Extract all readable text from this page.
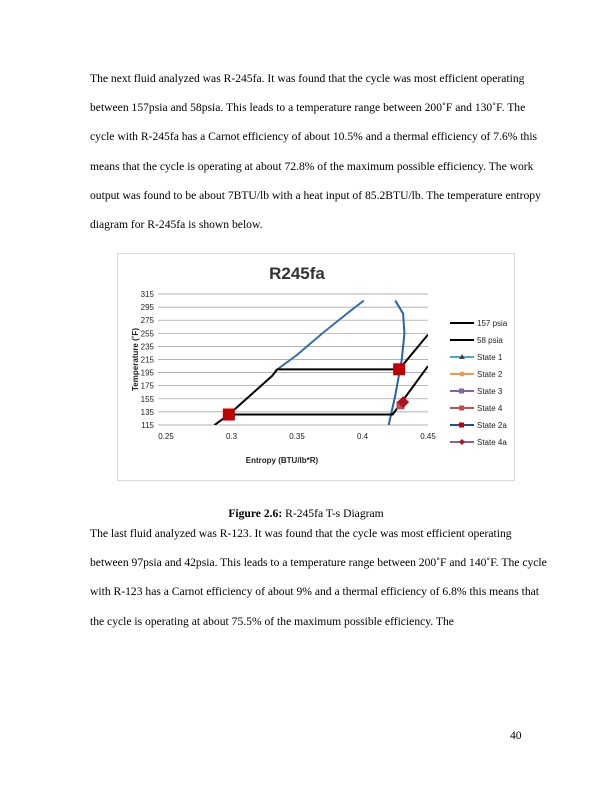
The next fluid analyzed was R-245fa. It was found that the cycle was most efficient operating between 157psia and 58psia. This leads to a temperature range between 200˚F and 130˚F. The cycle with R-245fa has a Carnot efficiency of about 10.5% and a thermal efficiency of 7.6% this means that the cycle is operating at about 72.8% of the maximum possible efficiency. The work output was found to be about 7BTU/lb with a heat input of 85.2BTU/lb. The temperature entropy diagram for R-245fa is shown below.

R245fa
315
295
275
255
235
215
195
175
155
135
115
0.25	0.3	0.35	0.4	0.45
Entropy (BTU/lb*R)
Temperature (˚F)
157 psia
58 psia
State 1
State 2
State 3
State 4
State 2a
State 4a
Figure 2.6: R-245fa T-s Diagram

The last fluid analyzed was R-123. It was found that the cycle was most efficient operating between 97psia and 42psia. This leads to a temperature range between 200˚F and 140˚F. The cycle with R-123 has a Carnot efficiency of about 9% and a thermal efficiency of 6.8% this means that the cycle is operating at about 75.5% of the maximum possible efficiency. The

40
